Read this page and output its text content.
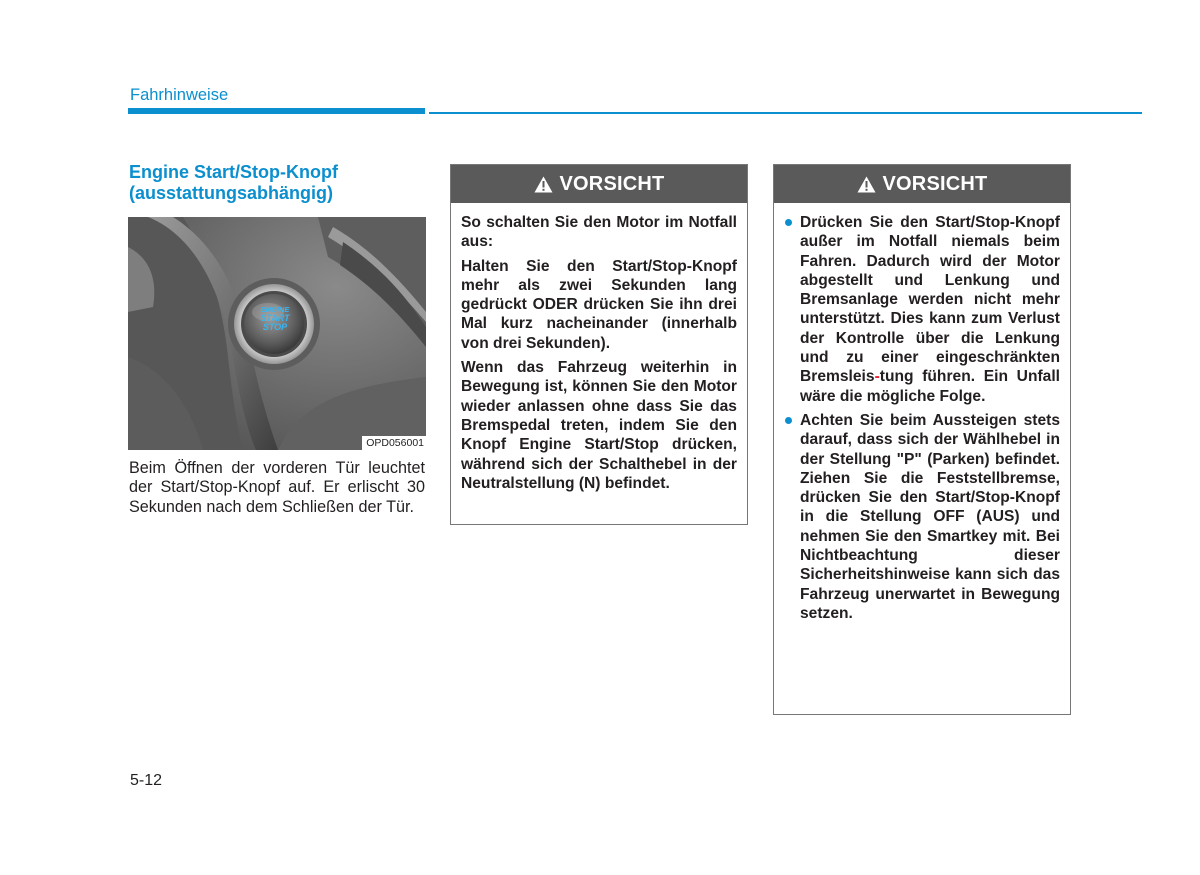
Fahrhinweise
Engine Start/Stop-Knopf
(ausstattungsabhängig)
ENGINE
START
STOP
OPD056001
Beim Öffnen der vorderen Tür leuchtet der Start/Stop-Knopf auf. Er erlischt 30 Sekunden nach dem Schließen der Tür.
VORSICHT

So schalten Sie den Motor im Notfall aus:

Halten Sie den Start/Stop-Knopf mehr als zwei Sekunden lang gedrückt ODER drücken Sie ihn drei Mal kurz nacheinander (innerhalb von drei Sekunden).

Wenn das Fahrzeug weiterhin in Bewegung ist, können Sie den Motor wieder anlassen ohne dass Sie das Bremspedal treten, indem Sie den Knopf Engine Start/Stop drücken, während sich der Schalthebel in der Neutralstellung (N) befindet.

VORSICHT
Drücken Sie den Start/Stop-Knopf außer im Notfall niemals beim Fahren. Dadurch wird der Motor abgestellt und Lenkung und Bremsanlage werden nicht mehr unterstützt. Dies kann zum Verlust der Kontrolle über die Lenkung und zu einer eingeschränkten Bremsleis-tung führen. Ein Unfall wäre die mögliche Folge.
Achten Sie beim Aussteigen stets darauf, dass sich der Wählhebel in der Stellung "P" (Parken) befindet. Ziehen Sie die Feststellbremse, drücken Sie den Start/Stop-Knopf in die Stellung OFF (AUS) und nehmen Sie den Smartkey mit. Bei Nichtbeachtung dieser Sicherheitshinweise kann sich das Fahrzeug unerwartet in Bewegung setzen.
5-12
